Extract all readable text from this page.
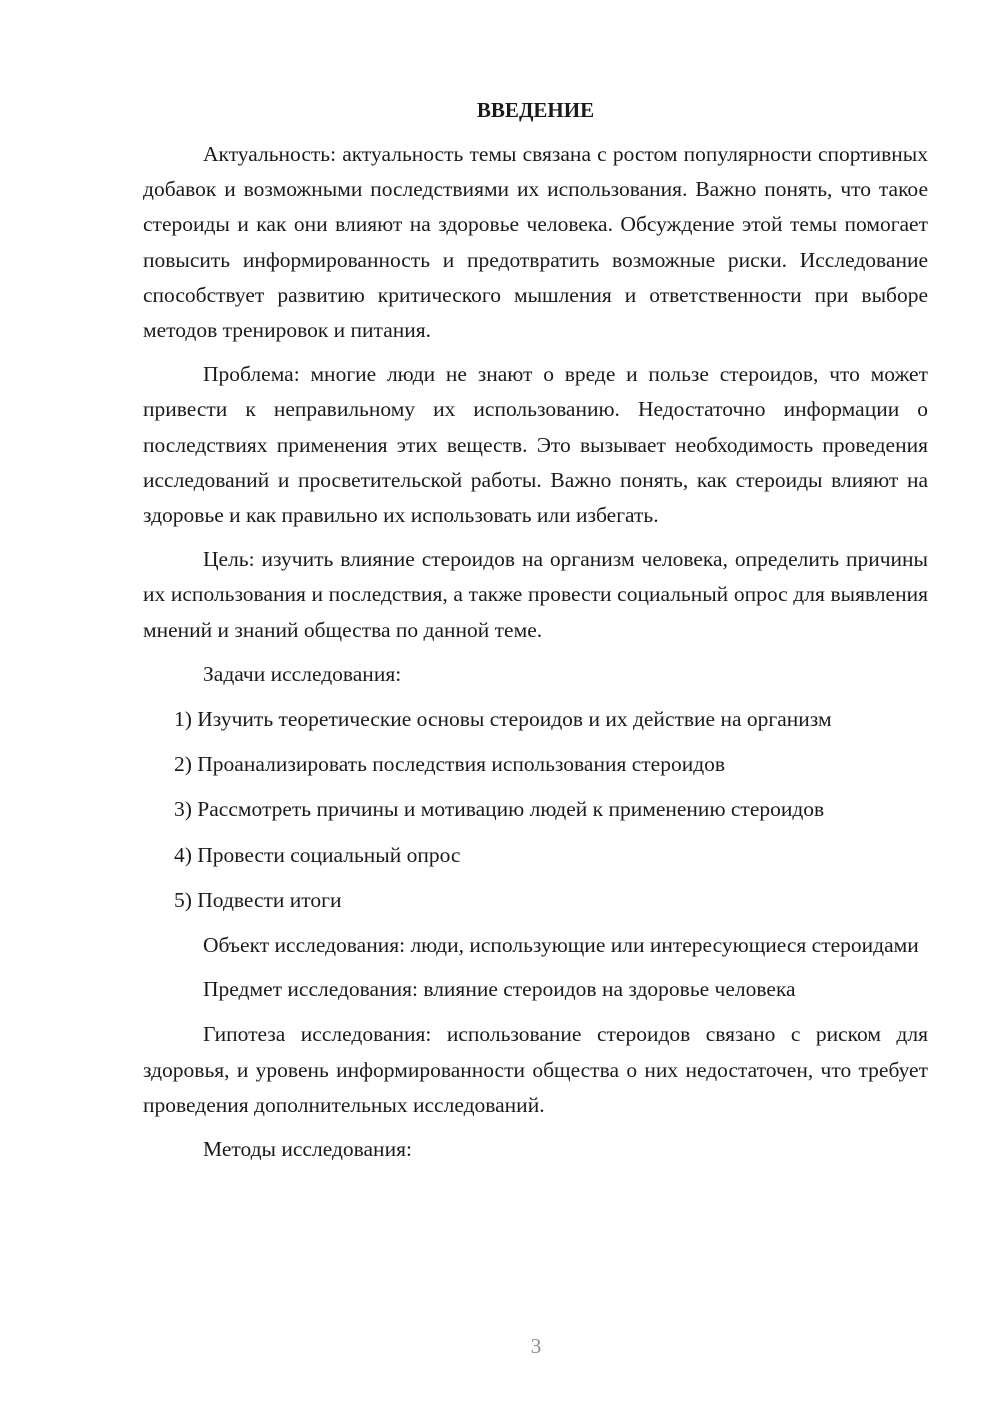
ВВЕДЕНИЕ

Актуальность: актуальность темы связана с ростом популярности спортивных добавок и возможными последствиями их использования. Важно понять, что такое стероиды и как они влияют на здоровье человека. Обсуждение этой темы помогает повысить информированность и предотвратить возможные риски. Исследование способствует развитию критического мышления и ответственности при выборе методов тренировок и питания.

Проблема: многие люди не знают о вреде и пользе стероидов, что может привести к неправильному их использованию. Недостаточно информации о последствиях применения этих веществ. Это вызывает необходимость проведения исследований и просветительской работы. Важно понять, как стероиды влияют на здоровье и как правильно их использовать или избегать.

Цель: изучить влияние стероидов на организм человека, определить причины их использования и последствия, а также провести социальный опрос для выявления мнений и знаний общества по данной теме.

Задачи исследования:

1) Изучить теоретические основы стероидов и их действие на организм

2) Проанализировать последствия использования стероидов

3) Рассмотреть причины и мотивацию людей к применению стероидов

4) Провести социальный опрос

5) Подвести итоги

Объект исследования: люди, использующие или интересующиеся стероидами

Предмет исследования: влияние стероидов на здоровье человека

Гипотеза исследования: использование стероидов связано с риском для здоровья, и уровень информированности общества о них недостаточен, что требует проведения дополнительных исследований.

Методы исследования:

3
